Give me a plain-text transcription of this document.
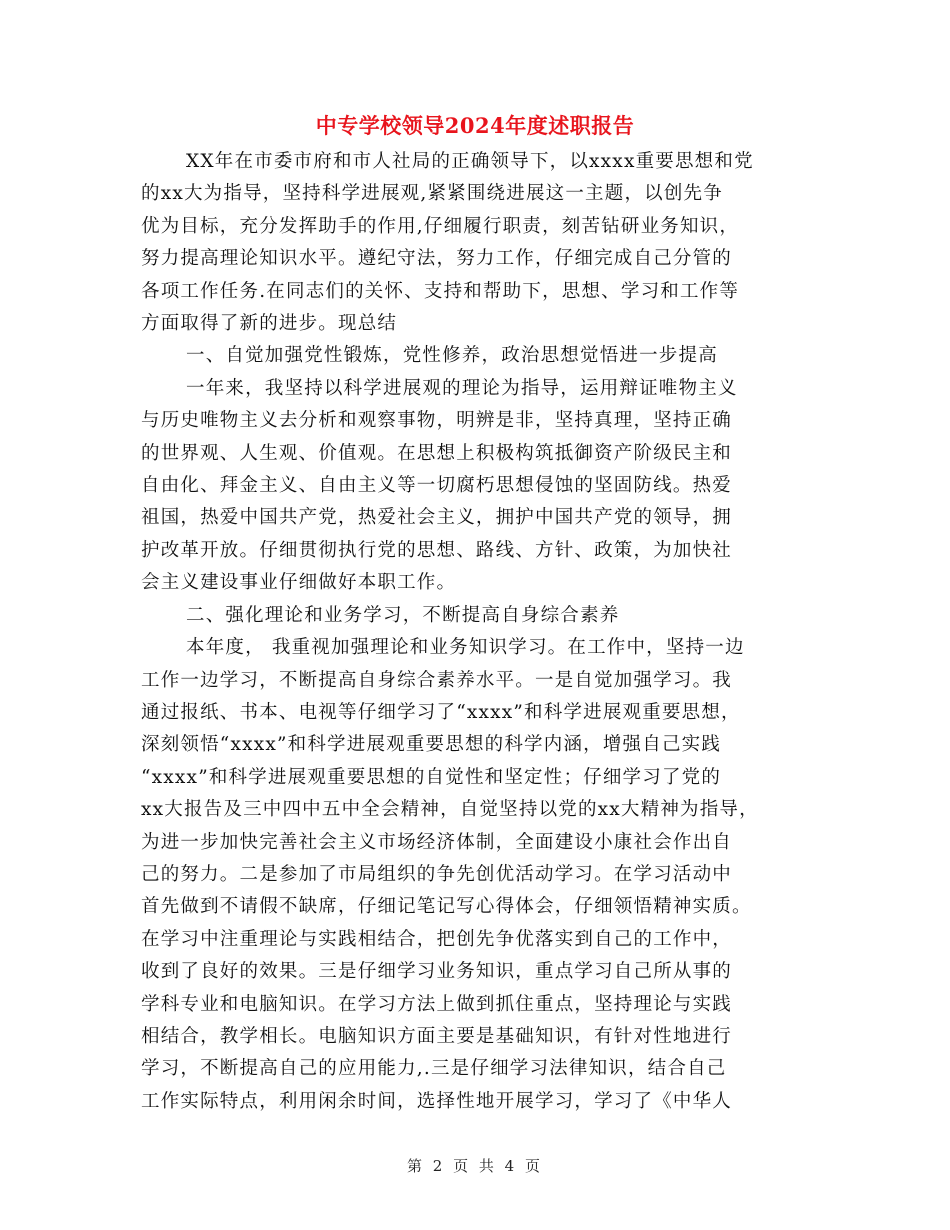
中专学校领导2024年度述职报告
XX年在市委市府和市人社局的正确领导下，以xxxx重要思想和党
的xx大为指导，坚持科学进展观,紧紧围绕进展这一主题，以创先争
优为目标，充分发挥助手的作用,仔细履行职责，刻苦钻研业务知识，
努力提高理论知识水平。遵纪守法，努力工作，仔细完成自己分管的
各项工作任务.在同志们的关怀、支持和帮助下，思想、学习和工作等
方面取得了新的进步。现总结
一、自觉加强党性锻炼，党性修养，政治思想觉悟进一步提高
一年来，我坚持以科学进展观的理论为指导，运用辩证唯物主义
与历史唯物主义去分析和观察事物，明辨是非，坚持真理，坚持正确
的世界观、人生观、价值观。在思想上积极构筑抵御资产阶级民主和
自由化、拜金主义、自由主义等一切腐朽思想侵蚀的坚固防线。热爱
祖国，热爱中国共产党，热爱社会主义，拥护中国共产党的领导，拥
护改革开放。仔细贯彻执行党的思想、路线、方针、政策，为加快社
会主义建设事业仔细做好本职工作。
二、强化理论和业务学习，不断提高自身综合素养
本年度， 我重视加强理论和业务知识学习。在工作中，坚持一边
工作一边学习，不断提高自身综合素养水平。一是自觉加强学习。我
通过报纸、书本、电视等仔细学习了“xxxx”和科学进展观重要思想，
深刻领悟“xxxx”和科学进展观重要思想的科学内涵，增强自己实践
“xxxx”和科学进展观重要思想的自觉性和坚定性；仔细学习了党的
xx大报告及三中四中五中全会精神，自觉坚持以党的xx大精神为指导，
为进一步加快完善社会主义市场经济体制，全面建设小康社会作出自
己的努力。二是参加了市局组织的争先创优活动学习。在学习活动中
首先做到不请假不缺席，仔细记笔记写心得体会，仔细领悟精神实质。
在学习中注重理论与实践相结合，把创先争优落实到自己的工作中，
收到了良好的效果。三是仔细学习业务知识，重点学习自己所从事的
学科专业和电脑知识。在学习方法上做到抓住重点，坚持理论与实践
相结合，教学相长。电脑知识方面主要是基础知识，有针对性地进行
学习，不断提高自己的应用能力,.三是仔细学习法律知识，结合自己
工作实际特点，利用闲余时间，选择性地开展学习，学习了《中华人
第 2 页 共 4 页
